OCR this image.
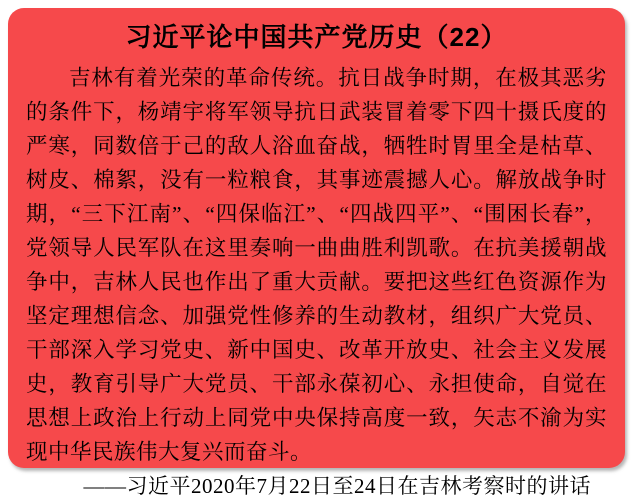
习近平论中国共产党历史（22）

吉林有着光荣的革命传统。抗日战争时期，在极其恶劣的条件下，杨靖宇将军领导抗日武装冒着零下四十摄氏度的严寒，同数倍于己的敌人浴血奋战，牺牲时胃里全是枯草、树皮、棉絮，没有一粒粮食，其事迹震撼人心。解放战争时期，“三下江南”、“四保临江”、“四战四平”、“围困长春”，党领导人民军队在这里奏响一曲曲胜利凯歌。在抗美援朝战争中，吉林人民也作出了重大贡献。要把这些红色资源作为坚定理想信念、加强党性修养的生动教材，组织广大党员、干部深入学习党史、新中国史、改革开放史、社会主义发展史，教育引导广大党员、干部永葆初心、永担使命，自觉在思想上政治上行动上同党中央保持高度一致，矢志不渝为实现中华民族伟大复兴而奋斗。

——习近平2020年7月22日至24日在吉林考察时的讲话
